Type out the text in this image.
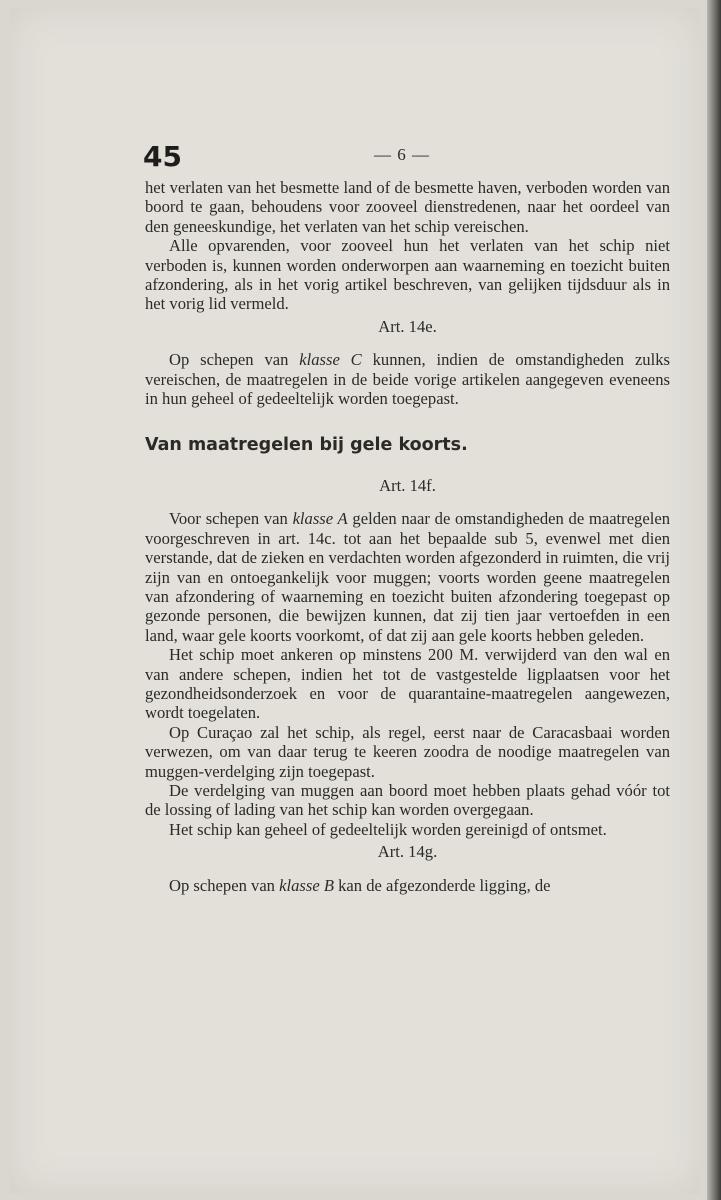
45	— 6 —

het verlaten van het besmette land of de besmette haven, verboden worden van boord te gaan, behoudens voor zooveel dienstredenen, naar het oordeel van den geneeskundige, het verlaten van het schip vereischen.

Alle opvarenden, voor zooveel hun het verlaten van het schip niet verboden is, kunnen worden onderworpen aan waarneming en toezicht buiten afzondering, als in het vorig artikel beschreven, van gelijken tijdsduur als in het vorig lid vermeld.

Art. 14e.

Op schepen van klasse C kunnen, indien de omstandigheden zulks vereischen, de maatregelen in de beide vorige artikelen aangegeven eveneens in hun geheel of gedeeltelijk worden toegepast.

Van maatregelen bij gele koorts.

Art. 14f.

Voor schepen van klasse A gelden naar de omstandigheden de maatregelen voorgeschreven in art. 14c. tot aan het bepaalde sub 5, evenwel met dien verstande, dat de zieken en verdachten worden afgezonderd in ruimten, die vrij zijn van en ontoegankelijk voor muggen; voorts worden geene maatregelen van afzondering of waarneming en toezicht buiten afzondering toegepast op gezonde personen, die bewijzen kunnen, dat zij tien jaar vertoefden in een land, waar gele koorts voorkomt, of dat zij aan gele koorts hebben geleden.

Het schip moet ankeren op minstens 200 M. verwijderd van den wal en van andere schepen, indien het tot de vastgestelde ligplaatsen voor het gezondheidsonderzoek en voor de quarantaine-maatregelen aangewezen, wordt toegelaten.

Op Curaçao zal het schip, als regel, eerst naar de Caracasbaai worden verwezen, om van daar terug te keeren zoodra de noodige maatregelen van muggen-verdelging zijn toegepast.

De verdelging van muggen aan boord moet hebben plaats gehad vóór tot de lossing of lading van het schip kan worden overgegaan.

Het schip kan geheel of gedeeltelijk worden gereinigd of ontsmet.

Art. 14g.

Op schepen van klasse B kan de afgezonderde ligging, de
